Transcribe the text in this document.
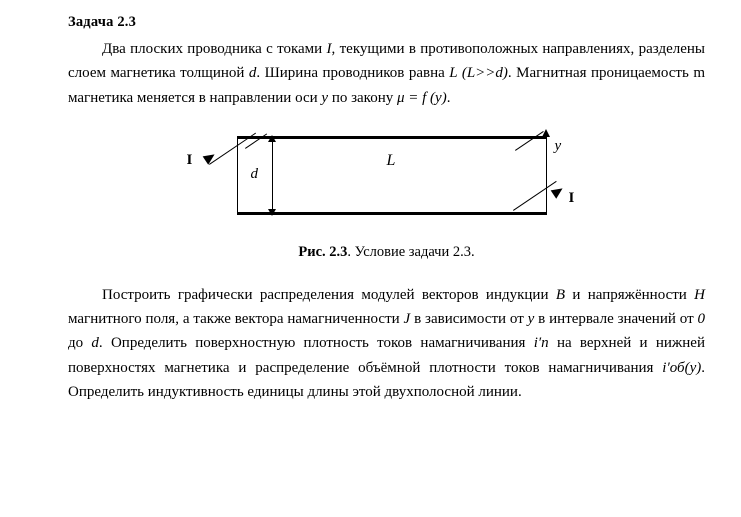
Задача 2.3

Два плоских проводника с токами I, текущими в противоположных направлениях, разделены слоем магнетика толщиной d. Ширина проводников равна L (L>>d). Магнитная проницаемость m магнетика меняется в направлении оси y по закону μ = f (y).

d
L
y
I
I
Рис. 2.3. Условие задачи 2.3.

Построить графически распределения модулей векторов индукции B и напряжённости H магнитного поля, а также вектора намагниченности J в зависимости от y в интервале значений от 0 до d. Определить поверхностную плотность токов намагничивания i′п на верхней и нижней поверхностях магнетика и распределение объёмной плотности токов намагничивания i′об(y). Определить индуктивность единицы длины этой двухполосной линии.
